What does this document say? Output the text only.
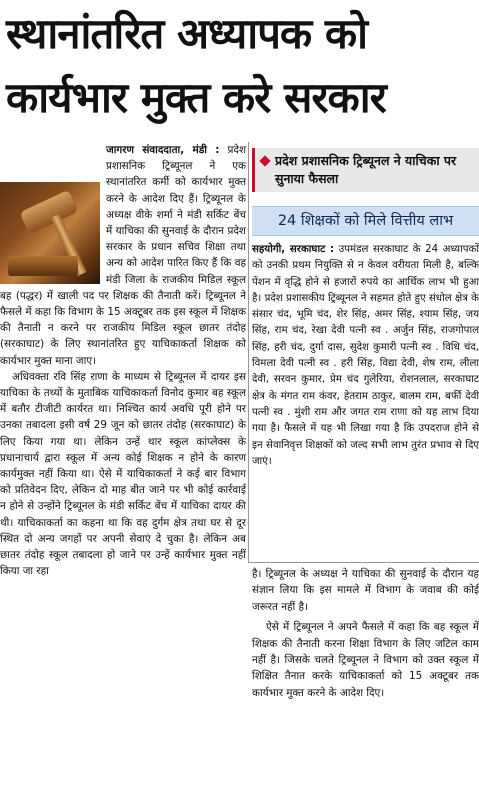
स्थानांतरित अध्यापक को
कार्यभार मुक्त करे सरकार

जागरण संवाददाता, मंडी : प्रदेश प्रशासनिक ट्रिब्यूनल ने एक स्थानांतरित कर्मी को कार्यभार मुक्त करने के आदेश दिए हैं। ट्रिब्यूनल के अध्यक्ष वीके शर्मा ने मंडी सर्किट बेंच में याचिका की सुनवाई के दौरान प्रदेश सरकार के प्रधान सचिव शिक्षा तथा अन्य को आदेश पारित किए हैं कि वह मंडी जिला के राजकीय मिडिल स्कूल बह (पद्धर) में खाली पद पर शिक्षक की तैनाती करें। ट्रिब्यूनल ने फैसले में कहा कि विभाग के 15 अक्टूबर तक इस स्कूल में शिक्षक की तैनाती न करने पर राजकीय मिडिल स्कूल छातर तंदोह (सरकाघाट) के लिए स्थानांतरित हुए याचिकाकर्ता शिक्षक को कार्यभार मुक्त माना जाए।

अधिवक्ता रवि सिंह राणा के माध्यम से ट्रिब्यूनल में दायर इस याचिका के तथ्यों के मुताबिक याचिकाकर्ता विनोद कुमार बह स्कूल में बतौर टीजीटी कार्यरत था। निश्चित कार्य अवधि पूरी होने पर उनका तबादला इसी वर्ष 29 जून को छातर तंदोह (सरकाघाट) के लिए किया गया था। लेकिन उन्हें थार स्कूल कांप्लेक्स के प्रधानाचार्य द्वारा स्कूल में अन्य कोई शिक्षक न होने के कारण कार्यमुक्त नहीं किया था। ऐसे में याचिकाकर्ता ने कई बार विभाग को प्रतिवेदन दिए, लेकिन दो माह बीत जाने पर भी कोई कार्रवाई न होने से उन्होंने ट्रिब्यूनल के मंडी सर्किट बेंच में याचिका दायर की थी। याचिकाकर्ता का कहना था कि वह दुर्गम क्षेत्र तथा घर से दूर स्थित दो अन्य जगहों पर अपनी सेवाएं दे चुका है। लेकिन अब छातर तंदोह स्कूल तबादला हो जाने पर उन्हें कार्यभार मुक्त नहीं किया जा रहा

प्रदेश प्रशासनिक ट्रिब्यूनल ने याचिका पर सुनाया फैसला
24 शिक्षकों को मिले वित्तीय लाभ
सहयोगी, सरकाघाट : उपमंडल सरकाघाट के 24 अध्यापकों को उनकी प्रथम नियुक्ति से न केवल वरीयता मिली है, बल्कि पेंशन में वृद्धि होने से हजारों रुपये का आर्थिक लाभ भी हुआ है। प्रदेश प्रशासकीय ट्रिब्यूनल ने सहमत होते हुए संधोल क्षेत्र के संसार चंद, भूमि चंद, शेर सिंह, अमर सिंह, श्याम सिंह, जय सिंह, राम चंद, रेखा देवी पत्नी स्व . अर्जुन सिंह, राजगोपाल सिंह, हरी चंद, दुर्गा दास, सुदेश कुमारी पत्नी स्व . विधि चंद, विमला देवी पत्नी स्व . हरी सिंह, विद्या देवी, शेष राम, लीला देवी, सरवन कुमार, प्रेम चंद गुलेरिया, रोशनलाल, सरकाघाट क्षेत्र के मंगत राम कंवर, हेतराम ठाकुर, बालम राम, बर्फी देवी पत्नी स्व . मुंशी राम और जगत राम राणा को यह लाभ दिया गया है। फैसले में यह भी लिखा गया है कि उपदराज होने से इन सेवानिवृत्त शिक्षकों को जल्द सभी लाभ तुरंत प्रभाव से दिए जाएं।

है। ट्रिब्यूनल के अध्यक्ष ने याचिका की सुनवाई के दौरान यह संज्ञान लिया कि इस मामले में विभाग के जवाब की कोई जरूरत नहीं है।

ऐसे में ट्रिब्यूनल ने अपने फैसले में कहा कि बह स्कूल में शिक्षक की तैनाती करना शिक्षा विभाग के लिए जटिल काम नहीं है। जिसके चलते ट्रिब्यूनल ने विभाग को उक्त स्कूल में शिक्षित तैनात करके याचिकाकर्ता को 15 अक्टूबर तक कार्यभार मुक्त करने के आदेश दिए।
